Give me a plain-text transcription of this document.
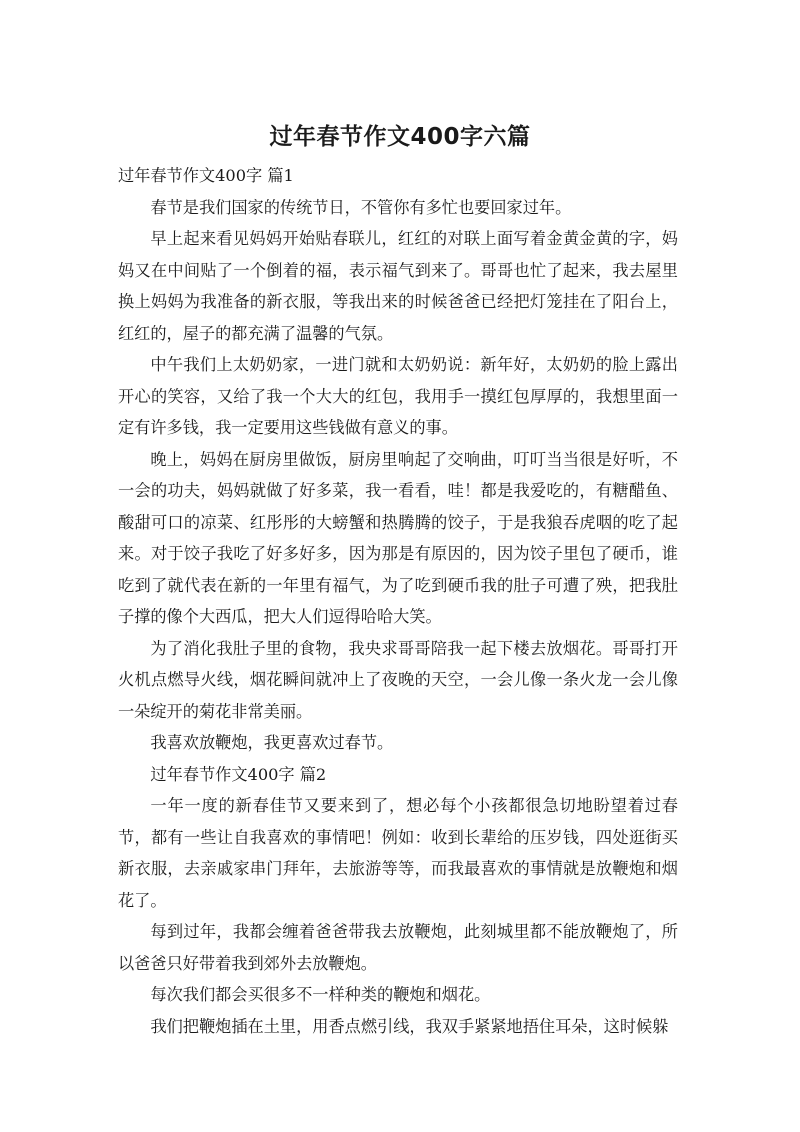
过年春节作文400字六篇

过年春节作文400字 篇1

春节是我们国家的传统节日，不管你有多忙也要回家过年。

早上起来看见妈妈开始贴春联儿，红红的对联上面写着金黄金黄的字，妈妈又在中间贴了一个倒着的福，表示福气到来了。哥哥也忙了起来，我去屋里换上妈妈为我准备的新衣服，等我出来的时候爸爸已经把灯笼挂在了阳台上，红红的，屋子的都充满了温馨的气氛。

中午我们上太奶奶家，一进门就和太奶奶说：新年好，太奶奶的脸上露出开心的笑容，又给了我一个大大的红包，我用手一摸红包厚厚的，我想里面一定有许多钱，我一定要用这些钱做有意义的事。

晚上，妈妈在厨房里做饭，厨房里响起了交响曲，叮叮当当很是好听，不一会的功夫，妈妈就做了好多菜，我一看看，哇！都是我爱吃的，有糖醋鱼、酸甜可口的凉菜、红彤彤的大螃蟹和热腾腾的饺子，于是我狼吞虎咽的吃了起来。对于饺子我吃了好多好多，因为那是有原因的，因为饺子里包了硬币，谁吃到了就代表在新的一年里有福气，为了吃到硬币我的肚子可遭了殃，把我肚子撑的像个大西瓜，把大人们逗得哈哈大笑。

为了消化我肚子里的食物，我央求哥哥陪我一起下楼去放烟花。哥哥打开火机点燃导火线，烟花瞬间就冲上了夜晚的天空，一会儿像一条火龙一会儿像一朵绽开的菊花非常美丽。

我喜欢放鞭炮，我更喜欢过春节。

过年春节作文400字 篇2

一年一度的新春佳节又要来到了，想必每个小孩都很急切地盼望着过春节，都有一些让自我喜欢的事情吧！例如：收到长辈给的压岁钱，四处逛街买新衣服，去亲戚家串门拜年，去旅游等等，而我最喜欢的事情就是放鞭炮和烟花了。

每到过年，我都会缠着爸爸带我去放鞭炮，此刻城里都不能放鞭炮了，所以爸爸只好带着我到郊外去放鞭炮。

每次我们都会买很多不一样种类的鞭炮和烟花。

我们把鞭炮插在土里，用香点燃引线，我双手紧紧地捂住耳朵，这时候躲
